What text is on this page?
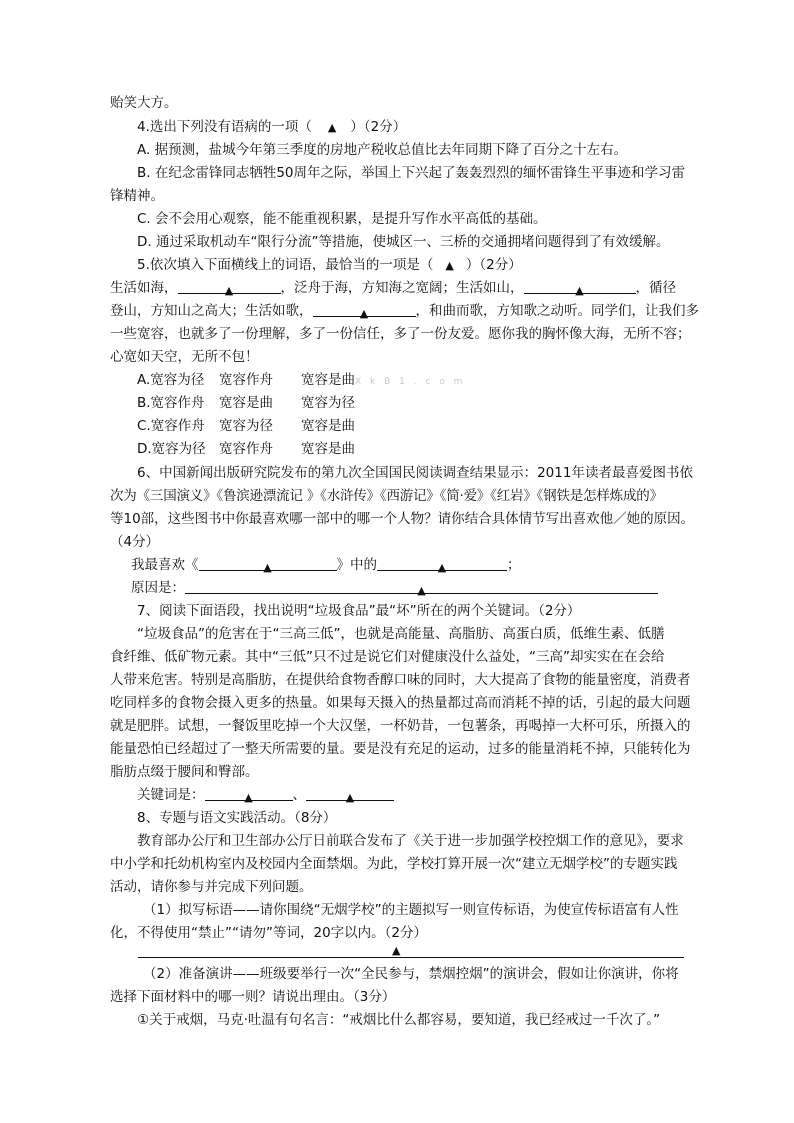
贻笑大方。
4.选出下列没有语病的一项（ ▲ ）（2分）
A. 据预测，盐城今年第三季度的房地产税收总值比去年同期下降了百分之十左右。
B. 在纪念雷锋同志牺牲50周年之际，举国上下兴起了轰轰烈烈的缅怀雷锋生平事迹和学习雷
锋精神。
C. 会不会用心观察，能不能重视积累，是提升写作水平高低的基础。
D. 通过采取机动车“限行分流”等措施，使城区一、三桥的交通拥堵问题得到了有效缓解。
5.依次填入下面横线上的词语，最恰当的一项是（ ▲ ）（2分）
生活如海，	▲	，泛舟于海，方知海之宽阔；生活如山，	▲	，循径
登山，方知山之高大；生活如歌，	▲	，和曲而歌，方知歌之动听。同学们，让我们多
一些宽容，也就多了一份理解，多了一份信任，多了一份友爱。愿你我的胸怀像大海，无所不容；
心宽如天空，无所不包！
A.宽容为径 宽容作舟 宽容是曲X k B 1 . c o m
B.宽容作舟 宽容是曲 宽容为径
C.宽容作舟 宽容为径 宽容是曲
D.宽容为径 宽容作舟 宽容是曲
6、中国新闻出版研究院发布的第九次全国国民阅读调查结果显示：2011年读者最喜爱图书依
次为《三国演义》《鲁滨逊漂流记 》《水浒传》《西游记》《简·爱》《红岩》《钢铁是怎样炼成的》
等10部，这些图书中你最喜欢哪一部中的哪一个人物？请你结合具体情节写出喜欢他／她的原因。
（4分）
我最喜欢《	▲	》中的	▲	；
原因是：	▲
7、阅读下面语段，找出说明“垃圾食品”最“坏”所在的两个关键词。（2分）
“垃圾食品”的危害在于“三高三低”，也就是高能量、高脂肪、高蛋白质，低维生素、低膳
食纤维、低矿物元素。其中“三低”只不过是说它们对健康没什么益处，“三高”却实实在在会给
人带来危害。特别是高脂肪，在提供给食物香醇口味的同时，大大提高了食物的能量密度，消费者
吃同样多的食物会摄入更多的热量。如果每天摄入的热量都过高而消耗不掉的话，引起的最大问题
就是肥胖。试想，一餐饭里吃掉一个大汉堡，一杯奶昔，一包薯条，再喝掉一大杯可乐，所摄入的
能量恐怕已经超过了一整天所需要的量。要是没有充足的运动，过多的能量消耗不掉，只能转化为
脂肪点缀于腰间和臀部。
关键词是：	▲	、	▲
8、专题与语文实践活动。（8分）
教育部办公厅和卫生部办公厅日前联合发布了《关于进一步加强学校控烟工作的意见》，要求
中小学和托幼机构室内及校园内全面禁烟。为此，学校打算开展一次“建立无烟学校”的专题实践
活动，请你参与并完成下列问题。
（1）拟写标语——请你围绕“无烟学校”的主题拟写一则宣传标语，为使宣传标语富有人性
化，不得使用“禁止”“请勿”等词，20字以内。（2分）
▲
（2）准备演讲——班级要举行一次“全民参与，禁烟控烟”的演讲会，假如让你演讲，你将
选择下面材料中的哪一则？请说出理由。（3分）
①关于戒烟，马克·吐温有句名言：“戒烟比什么都容易，要知道，我已经戒过一千次了。”
